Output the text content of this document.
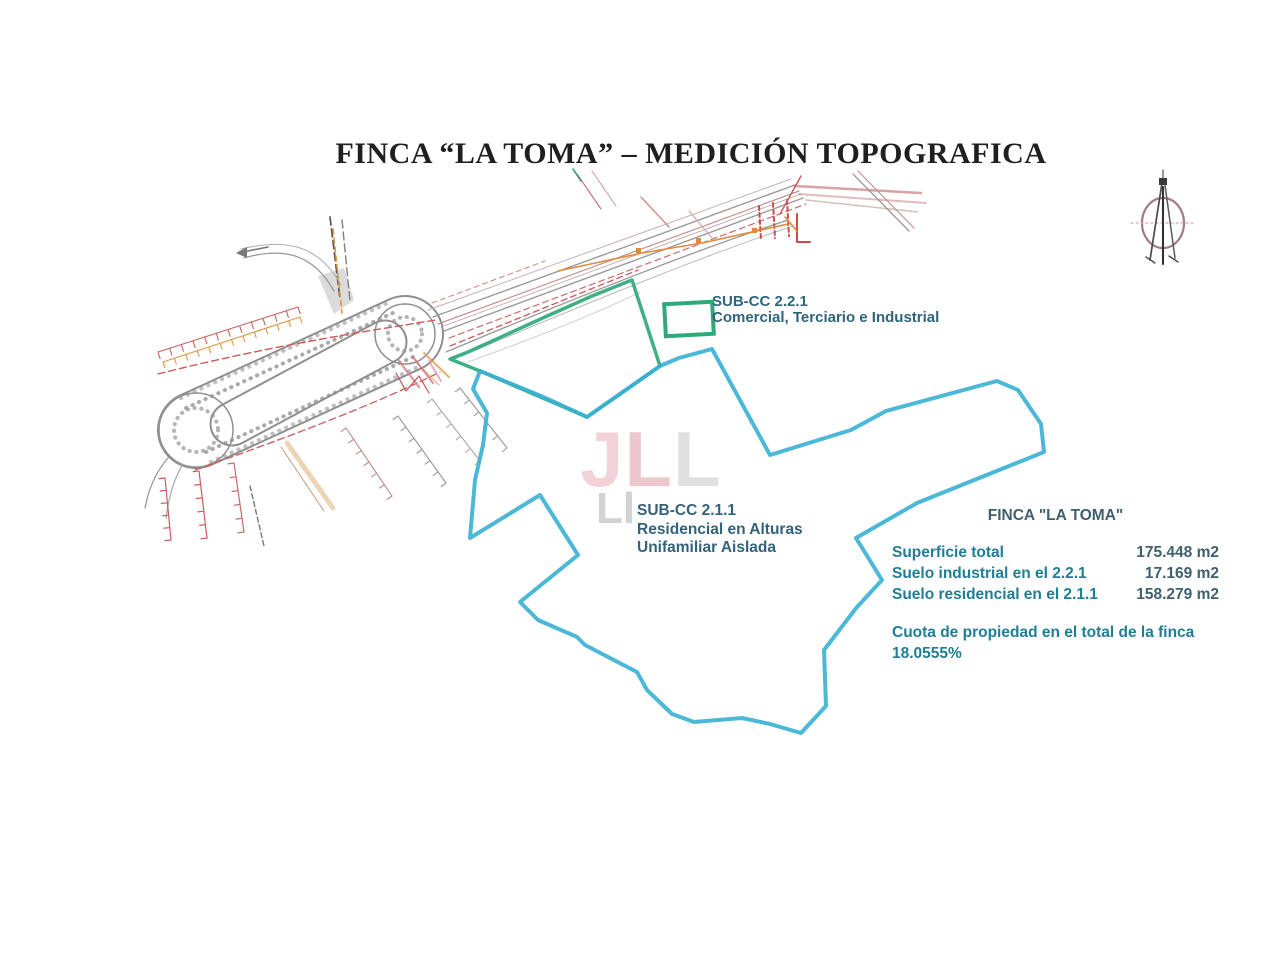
JLL
Ll
FINCA “LA TOMA” – MEDICIÓN TOPOGRAFICA
SUB-CC 2.2.1
Comercial, Terciario e Industrial
SUB-CC 2.1.1
Residencial en Alturas
Unifamiliar Aislada
FINCA "LA TOMA"
Superficie total	175.448 m2
Suelo industrial en el 2.2.1	17.169 m2
Suelo residencial en el 2.1.1 158.279 m2
Cuota de propiedad en el total de la finca
18.0555%
